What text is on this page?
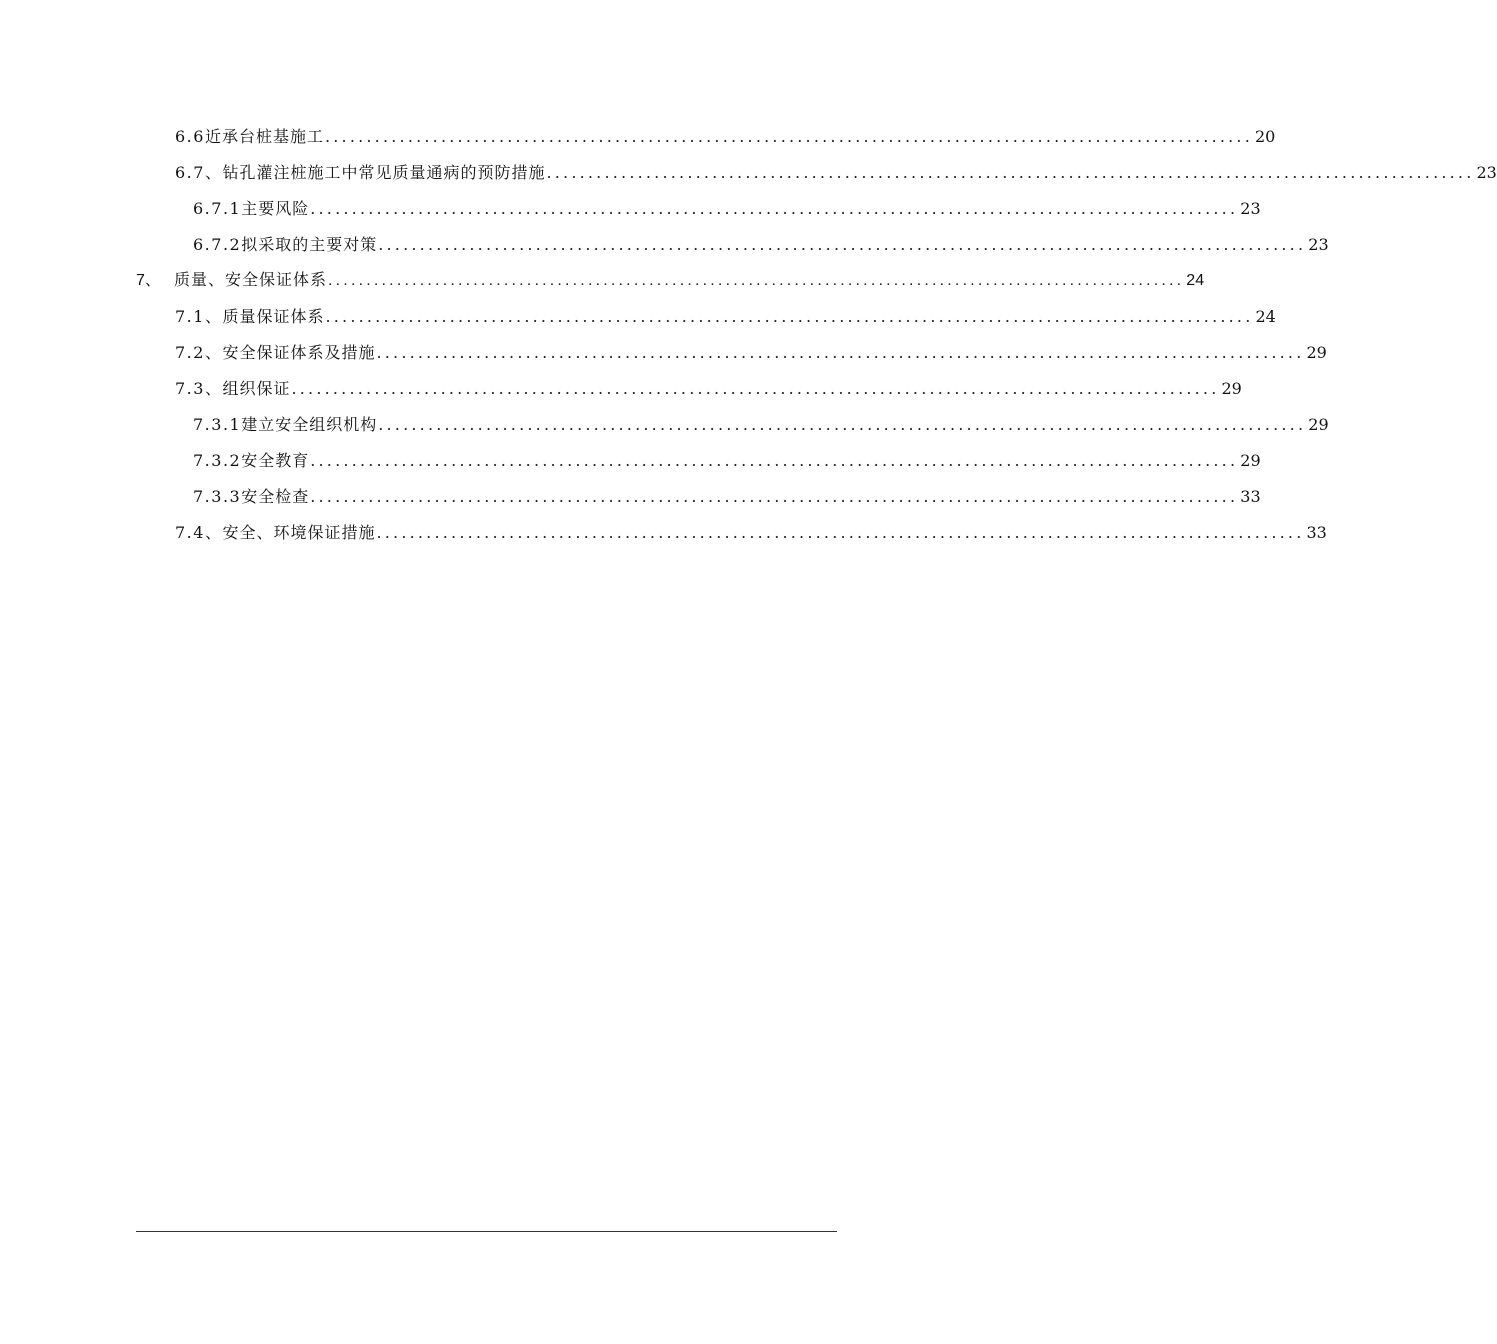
6.6 近承台桩基施工 ................................................................................................................ 20
6.7、 钻孔灌注桩施工中常见质量通病的预防措施 ................................................................................................................ 23
6.7.1 主要风险 ................................................................................................................ 23
6.7.2 拟采取的主要对策 ................................................................................................................ 23
7、 质量、安全保证体系 ................................................................................................................ 24
7.1、 质量保证体系 ................................................................................................................ 24
7.2、 安全保证体系及措施 ................................................................................................................ 29
7.3、 组织保证 ................................................................................................................ 29
7.3.1 建立安全组织机构 ................................................................................................................ 29
7.3.2 安全教育 ................................................................................................................ 29
7.3.3 安全检查 ................................................................................................................ 33
7.4、 安全、环境保证措施 ................................................................................................................ 33
